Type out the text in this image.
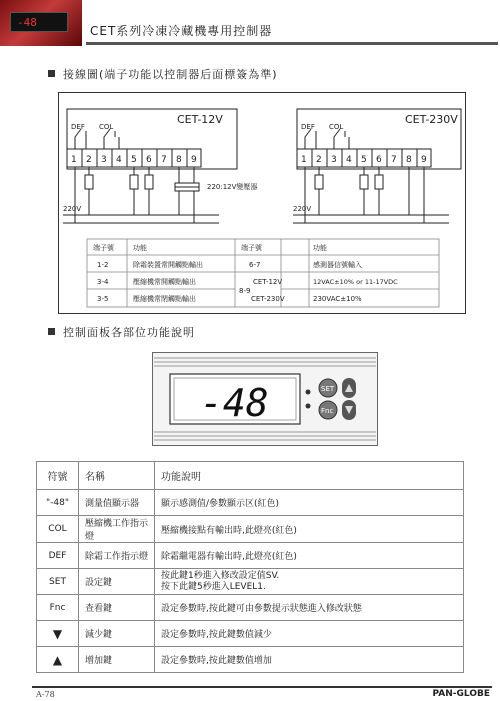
-48
CET系列冷凍冷藏機專用控制器
接線圖(端子功能以控制器后面標簽為準)
CET-12V	CET-230V
DEF COL	DEF COL
220:12V變壓器
220V	220V
1 2 3 4 5 6 7 8 9	1 2 3 4 5 6 7 8 9
端子號	功能	端子號	功能
1-2	除霜裝置常開觸點輸出
3-4	壓縮機常開觸點輸出
3-5	壓縮機常閉觸點輸出
6-7	感測器信號輸入
8-9
CET-12V	12VAC±10% or 11-17VDC
CET-230V	230VAC±10%
控制面板各部位功能說明
-48	SET
Fnc
符號	名稱	功能說明
"-48"	測量值顯示器	顯示感測值/參數顯示区(紅色)
COL	壓縮機工作指示燈	壓縮機接點有輸出時,此燈亮(紅色)
DEF	除霜工作指示燈	除霜繼電器有輸出時,此燈亮(紅色)
SET	設定鍵	按此鍵1秒進入修改設定值SV.
按下此鍵5秒進入LEVEL1.

Fnc	查看鍵	設定參數時,按此鍵可由參數提示狀態進入修改狀態
▼	減少鍵	設定參數時,按此鍵數值減少
▲	增加鍵	設定參數時,按此鍵數值增加
A-78	PAN-GLOBE
